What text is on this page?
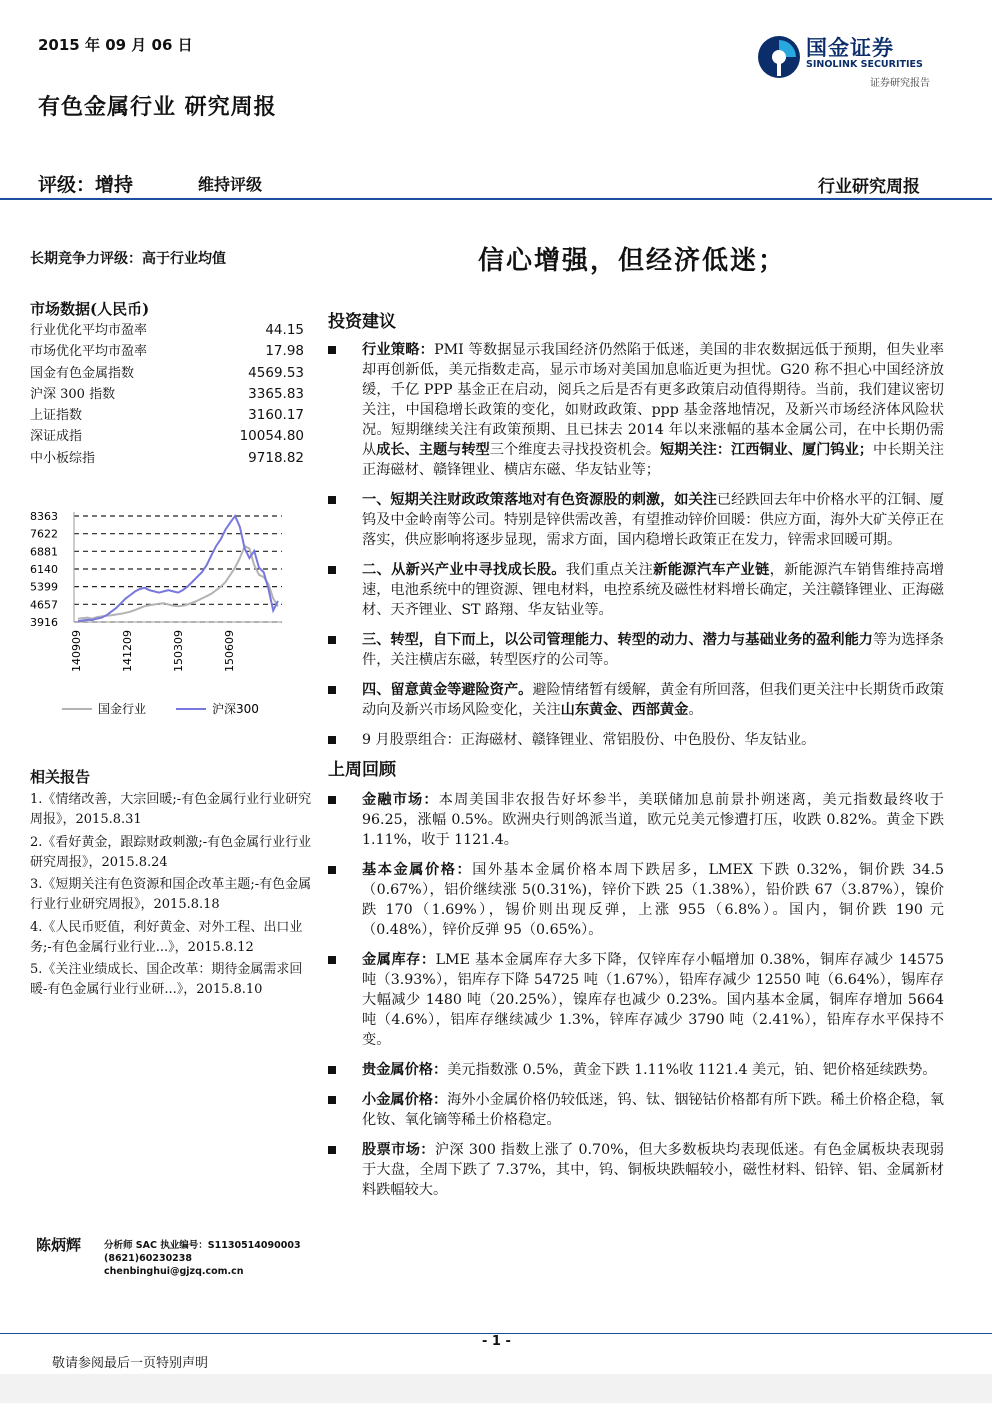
2015 年 09 月 06 日
有色金属行业 研究周报
国金证券
SINOLINK SECURITIES
证券研究报告
评级：增持	维持评级	行业研究周报
长期竞争力评级：高于行业均值	信心增强，但经济低迷；
市场数据(人民币)
行业优化平均市盈率	44.15
市场优化平均市盈率	17.98
国金有色金属指数	4569.53
沪深 300 指数	3365.83
上证指数	3160.17
深证成指	10054.80
中小板综指	9718.82
8363
7622
6881
6140
5399
4657
3916
140909	141209	150309	150609
国金行业	沪深300
相关报告
1.《情绪改善，大宗回暖;-有色金属行业行业研究周报》，2015.8.31
2.《看好黄金，跟踪财政刺激;-有色金属行业行业研究周报》，2015.8.24
3.《短期关注有色资源和国企改革主题;-有色金属行业行业研究周报》，2015.8.18
4.《人民币贬值，利好黄金、对外工程、出口业务;-有色金属行业行业...》，2015.8.12
5.《关注业绩成长、国企改革：期待金属需求回暖-有色金属行业行业研...》，2015.8.10
陈炳辉 分析师 SAC 执业编号：S1130514090003
(8621)60230238
chenbinghui@gjzq.com.cn
投资建议
行业策略：PMI 等数据显示我国经济仍然陷于低迷，美国的非农数据远低于预期，但失业率却再创新低，美元指数走高，显示市场对美国加息临近更为担忧。G20 称不担心中国经济放缓，千亿 PPP 基金正在启动，阅兵之后是否有更多政策启动值得期待。当前，我们建议密切关注，中国稳增长政策的变化，如财政政策、ppp 基金落地情况，及新兴市场经济体风险状况。短期继续关注有政策预期、且已抹去 2014 年以来涨幅的基本金属公司，在中长期仍需从成长、主题与转型三个维度去寻找投资机会。短期关注：江西铜业、厦门钨业；中长期关注正海磁材、赣锋锂业、横店东磁、华友钴业等；
一、短期关注财政政策落地对有色资源股的刺激，如关注已经跌回去年中价格水平的江铜、厦钨及中金岭南等公司。特别是锌供需改善，有望推动锌价回暖：供应方面，海外大矿关停正在落实，供应影响将逐步显现，需求方面，国内稳增长政策正在发力，锌需求回暖可期。
二、从新兴产业中寻找成长股。我们重点关注新能源汽车产业链，新能源汽车销售维持高增速，电池系统中的锂资源、锂电材料，电控系统及磁性材料增长确定，关注赣锋锂业、正海磁材、天齐锂业、ST 路翔、华友钴业等。
三、转型，自下而上，以公司管理能力、转型的动力、潜力与基础业务的盈利能力等为选择条件，关注横店东磁，转型医疗的公司等。
四、留意黄金等避险资产。避险情绪暂有缓解，黄金有所回落，但我们更关注中长期货币政策动向及新兴市场风险变化，关注山东黄金、西部黄金。
9 月股票组合：正海磁材、赣锋锂业、常铝股份、中色股份、华友钴业。
上周回顾
金融市场：本周美国非农报告好坏参半，美联储加息前景扑朔迷离，美元指数最终收于 96.25，涨幅 0.5%。欧洲央行则鸽派当道，欧元兑美元惨遭打压，收跌 0.82%。黄金下跌 1.11%，收于 1121.4。
基本金属价格：国外基本金属价格本周下跌居多，LMEX 下跌 0.32%，铜价跌 34.5（0.67%），铝价继续涨 5(0.31%)，锌价下跌 25（1.38%），铅价跌 67（3.87%），镍价跌 170（1.69%），锡价则出现反弹，上涨 955（6.8%）。国内，铜价跌 190 元（0.48%），锌价反弹 95（0.65%）。
金属库存：LME 基本金属库存大多下降，仅锌库存小幅增加 0.38%，铜库存减少 14575 吨（3.93%），铝库存下降 54725 吨（1.67%），铅库存减少 12550 吨（6.64%），锡库存大幅减少 1480 吨（20.25%），镍库存也减少 0.23%。国内基本金属，铜库存增加 5664 吨（4.6%），铝库存继续减少 1.3%，锌库存减少 3790 吨（2.41%），铅库存水平保持不变。
贵金属价格：美元指数涨 0.5%，黄金下跌 1.11%收 1121.4 美元，铂、钯价格延续跌势。
小金属价格：海外小金属价格仍较低迷，钨、钛、铟铋钴价格都有所下跌。稀土价格企稳，氧化钕、氧化镝等稀土价格稳定。
股票市场：沪深 300 指数上涨了 0.70%，但大多数板块均表现低迷。有色金属板块表现弱于大盘，全周下跌了 7.37%，其中，钨、铜板块跌幅较小，磁性材料、铅锌、铝、金属新材料跌幅较大。
- 1 -
敬请参阅最后一页特别声明
